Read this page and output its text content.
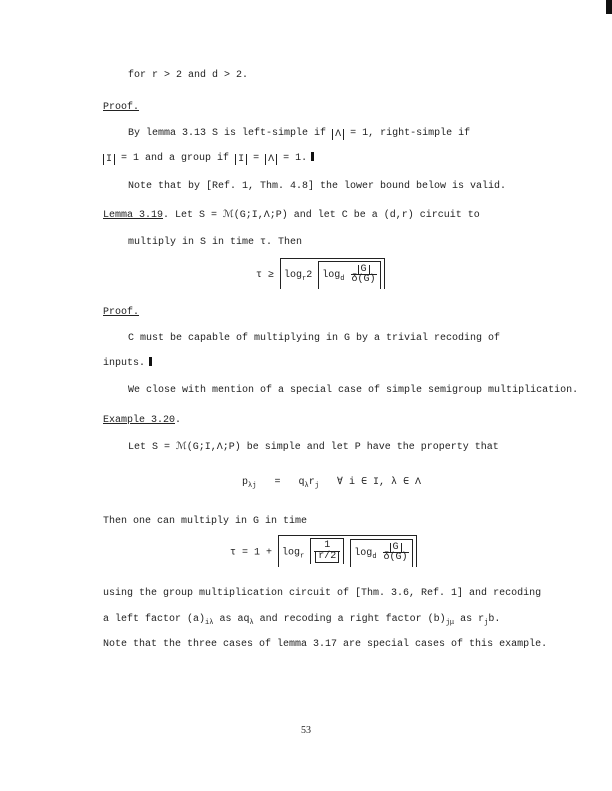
for r > 2 and d > 2.
Proof.
By lemma 3.13 S is left-simple if Λ = 1, right-simple if
I = 1 and a group if I = Λ = 1.
Note that by [Ref. 1, Thm. 4.8] the lower bound below is valid.
Lemma 3.19. Let S = ℳ(G;I,Λ;P) and let C be a (d,r) circuit to
multiply in S in time τ. Then
$\tau \ge \log_r2$ $\log_d \frac{G}{\delta(G)}$
Proof.
C must be capable of multiplying in G by a trivial recoding of
inputs.
We close with mention of a special case of simple semigroup multiplication.
Example 3.20.
Let S = ℳ(G;I,Λ;P) be simple and let P have the property that
$p_{\lambda j} = q_\lambda r_j$ ∀ i ∈ I, λ ∈ Λ
Then one can multiply in G in time
$\tau = 1 + \log_r \frac{1}{r/2} \log_d \frac{G}{\delta(G)}$
using the group multiplication circuit of [Thm. 3.6, Ref. 1] and recoding
a left factor $(a)_{i\lambda}$ as $aq_\lambda$ and recoding a right factor $(b)_{j\mu}$ as $r_jb$.
Note that the three cases of lemma 3.17 are special cases of this example.
53
